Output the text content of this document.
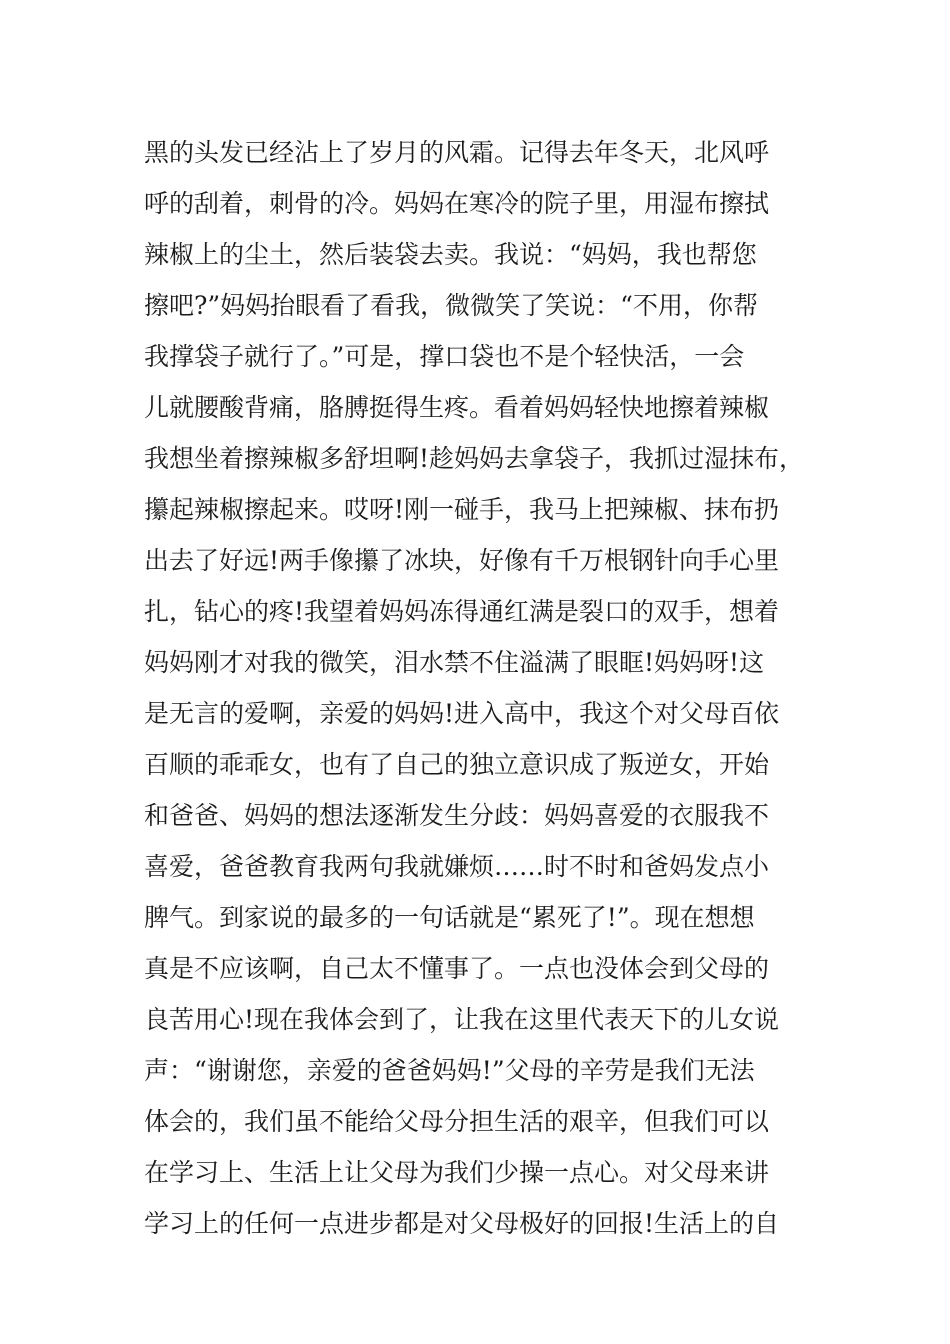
黑的头发已经沾上了岁月的风霜。记得去年冬天，北风呼
呼的刮着，刺骨的冷。妈妈在寒冷的院子里，用湿布擦拭
辣椒上的尘土，然后装袋去卖。我说：“妈妈，我也帮您
擦吧?”妈妈抬眼看了看我，微微笑了笑说：“不用，你帮
我撑袋子就行了。”可是，撑口袋也不是个轻快活，一会
儿就腰酸背痛，胳膊挺得生疼。看着妈妈轻快地擦着辣椒
我想坐着擦辣椒多舒坦啊!趁妈妈去拿袋子，我抓过湿抹布，
攥起辣椒擦起来。哎呀!刚一碰手，我马上把辣椒、抹布扔
出去了好远!两手像攥了冰块，好像有千万根钢针向手心里
扎，钻心的疼!我望着妈妈冻得通红满是裂口的双手，想着
妈妈刚才对我的微笑，泪水禁不住溢满了眼眶!妈妈呀!这
是无言的爱啊，亲爱的妈妈!进入高中，我这个对父母百依
百顺的乖乖女，也有了自己的独立意识成了叛逆女，开始
和爸爸、妈妈的想法逐渐发生分歧：妈妈喜爱的衣服我不
喜爱，爸爸教育我两句我就嫌烦……时不时和爸妈发点小
脾气。到家说的最多的一句话就是“累死了!”。现在想想
真是不应该啊，自己太不懂事了。一点也没体会到父母的
良苦用心!现在我体会到了，让我在这里代表天下的儿女说
声：“谢谢您，亲爱的爸爸妈妈!”父母的辛劳是我们无法
体会的，我们虽不能给父母分担生活的艰辛，但我们可以
在学习上、生活上让父母为我们少操一点心。对父母来讲
学习上的任何一点进步都是对父母极好的回报!生活上的自
